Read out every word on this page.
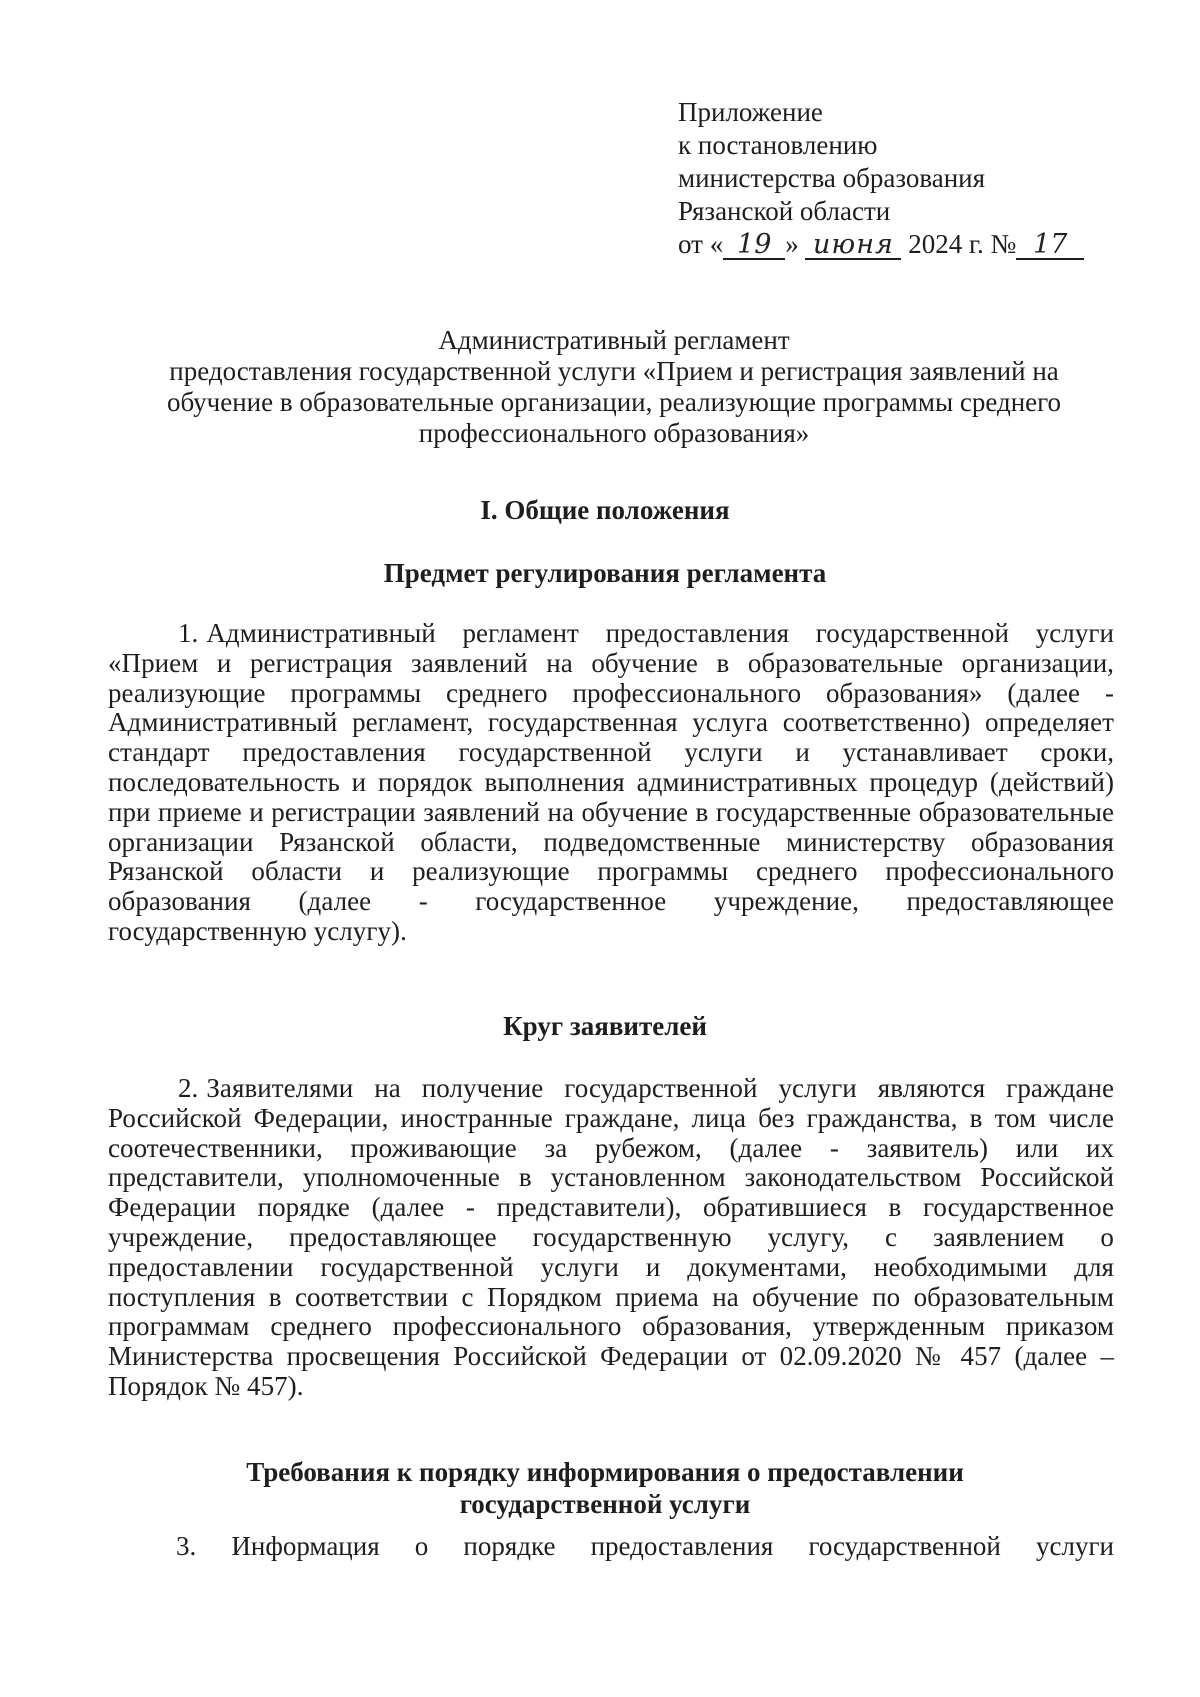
Приложение
к постановлению
министерства образования
Рязанской области
от « 19 » июня 2024 г. № 17
Административный регламент
предоставления государственной услуги «Прием и регистрация заявлений на обучение в образовательные организации, реализующие программы среднего профессионального образования»
I. Общие положения
Предмет регулирования регламента
1. Административный регламент предоставления государственной услуги «Прием и регистрация заявлений на обучение в образовательные организации, реализующие программы среднего профессионального образования» (далее - Административный регламент, государственная услуга соответственно) определяет стандарт предоставления государственной услуги и устанавливает сроки, последовательность и порядок выполнения административных процедур (действий) при приеме и регистрации заявлений на обучение в государственные образовательные организации Рязанской области, подведомственные министерству образования Рязанской области и реализующие программы среднего профессионального образования (далее - государственное учреждение, предоставляющее государственную услугу).
Круг заявителей
2. Заявителями на получение государственной услуги являются граждане Российской Федерации, иностранные граждане, лица без гражданства, в том числе соотечественники, проживающие за рубежом, (далее - заявитель) или их представители, уполномоченные в установленном законодательством Российской Федерации порядке (далее - представители), обратившиеся в государственное учреждение, предоставляющее государственную услугу, с заявлением о предоставлении государственной услуги и документами, необходимыми для поступления в соответствии с Порядком приема на обучение по образовательным программам среднего профессионального образования, утвержденным приказом Министерства просвещения Российской Федерации от 02.09.2020 № 457 (далее – Порядок № 457).
Требования к порядку информирования о предоставлении
государственной услуги
3. Информация о порядке предоставления государственной услуги
